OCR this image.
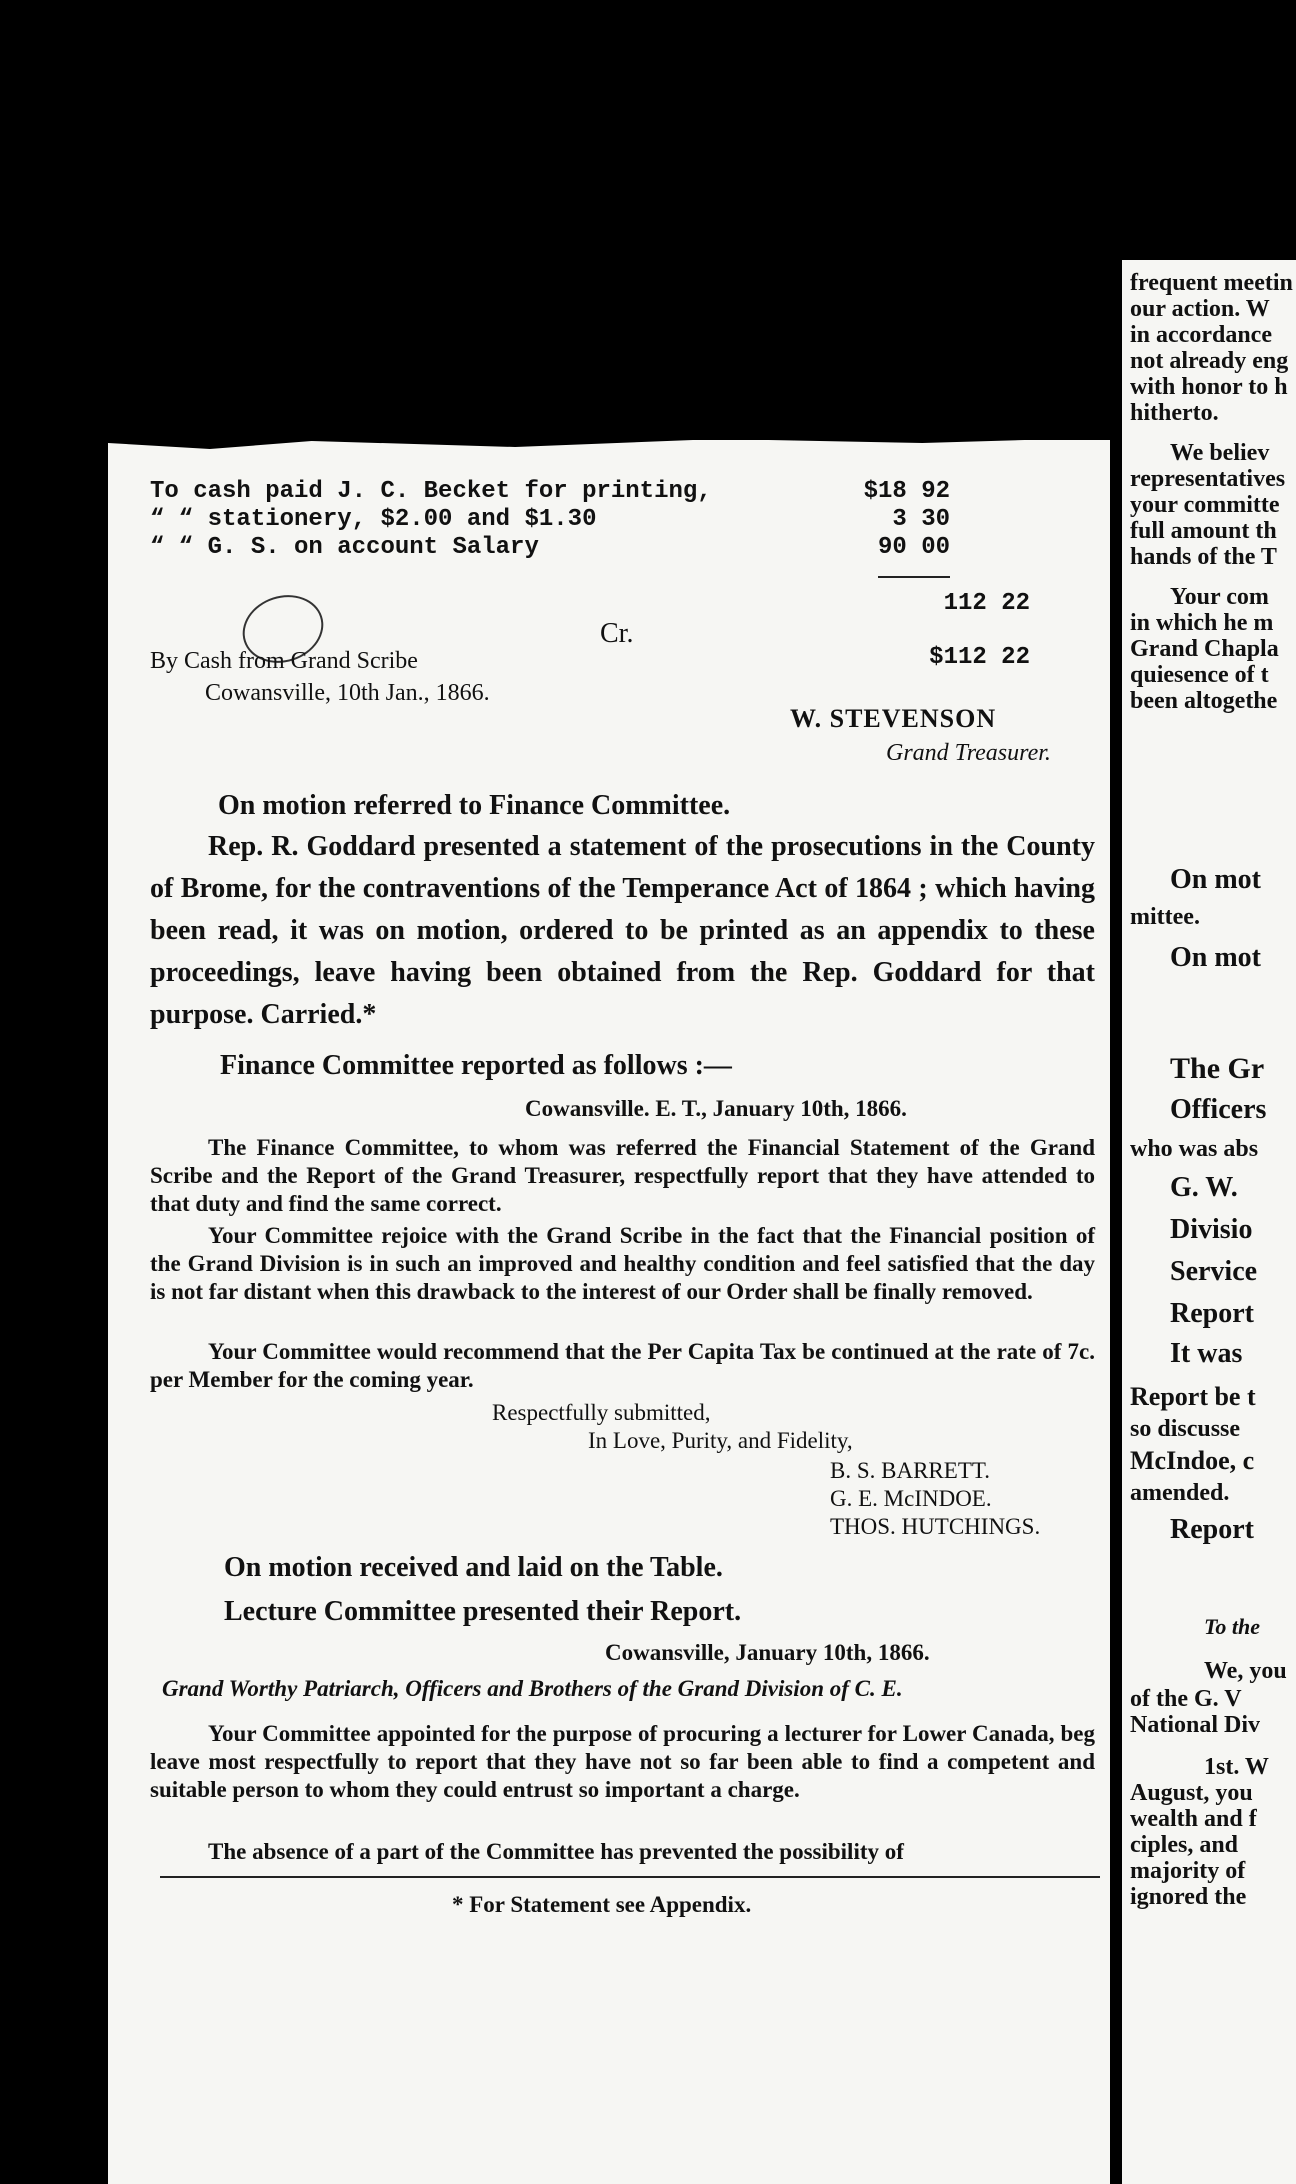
frequent meetin
our action. W
in accordance
not already eng
with honor to h
hitherto.
We believ
representatives
your committe
full amount th
hands of the T
Your com
in which he m
Grand Chapla
quiesence of t
been altogethe
On mot
mittee.
On mot
The Gr
Officers
who was abs
G. W.
Divisio
Service
Report
It was
Report be t
so discusse
McIndoe, c
amended.
Report
To the
We, you
of the G. V
National Div
1st. W
August, you
wealth and f
ciples, and
majority of
ignored the
To cash paid J. C. Becket for printing,	$18 92
“ “ stationery, $2.00 and $1.30	3 30
“ “ G. S. on account Salary	90 00
112 22
Cr.
By Cash from Grand Scribe	$112 22
Cowansville, 10th Jan., 1866.
W. STEVENSON
Grand Treasurer.
On motion referred to Finance Committee.
Rep. R. Goddard presented a statement of the prosecutions in the County of Brome, for the contraventions of the Temperance Act of 1864 ; which having been read, it was on motion, ordered to be printed as an appendix to these proceedings, leave having been obtained from the Rep. Goddard for that purpose. Carried.*
Finance Committee reported as follows :—
Cowansville. E. T., January 10th, 1866.
The Finance Committee, to whom was referred the Financial Statement of the Grand Scribe and the Report of the Grand Treasurer, respectfully report that they have attended to that duty and find the same correct.
Your Committee rejoice with the Grand Scribe in the fact that the Financial position of the Grand Division is in such an improved and healthy condition and feel satisfied that the day is not far distant when this drawback to the interest of our Order shall be finally removed.
Your Committee would recommend that the Per Capita Tax be continued at the rate of 7c. per Member for the coming year.
Respectfully submitted,
In Love, Purity, and Fidelity,
B. S. BARRETT.
G. E. McINDOE.
THOS. HUTCHINGS.
On motion received and laid on the Table.
Lecture Committee presented their Report.
Cowansville, January 10th, 1866.
Grand Worthy Patriarch, Officers and Brothers of the Grand Division of C. E.
Your Committee appointed for the purpose of procuring a lecturer for Lower Canada, beg leave most respectfully to report that they have not so far been able to find a competent and suitable person to whom they could entrust so important a charge.
The absence of a part of the Committee has prevented the possibility of
* For Statement see Appendix.
